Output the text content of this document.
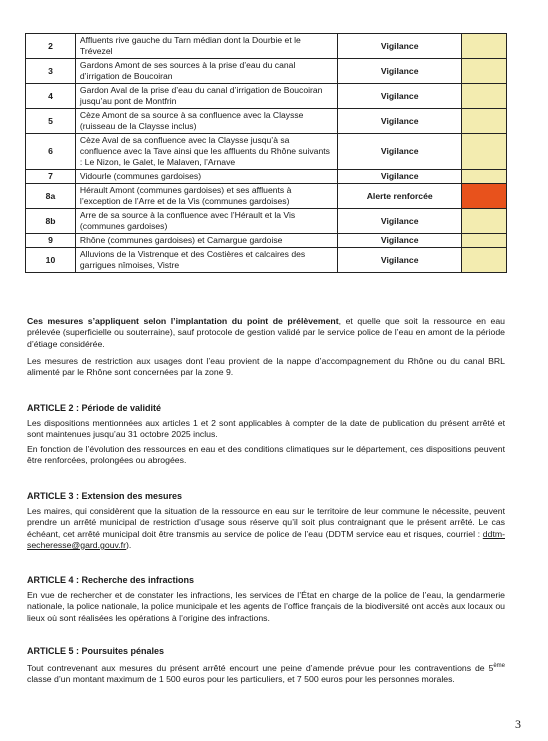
2	Affluents rive gauche du Tarn médian dont la Dourbie et le Trévezel	Vigilance	
3	Gardons Amont de ses sources à la prise d’eau du canal d’irrigation de Boucoiran	Vigilance	
4	Gardon Aval de la prise d’eau du canal d’irrigation de Boucoiran jusqu’au pont de Montfrin	Vigilance	
5	Cèze Amont de sa source à sa confluence avec la Claysse (ruisseau de la Claysse inclus)	Vigilance	
6	Cèze Aval de sa confluence avec la Claysse jusqu’à sa confluence avec la Tave ainsi que les affluents du Rhône suivants : Le Nizon, le Galet, le Malaven, l’Arnave	Vigilance	
7	Vidourle (communes gardoises)	Vigilance	
8a	Hérault Amont (communes gardoises) et ses affluents à l’exception de l’Arre et de la Vis (communes gardoises)	Alerte renforcée	
8b	Arre de sa source à la confluence avec l’Hérault et la Vis (communes gardoises)	Vigilance	
9	Rhône (communes gardoises) et Camargue gardoise	Vigilance	
10	Alluvions de la Vistrenque et des Costières et calcaires des garrigues nîmoises, Vistre	Vigilance	
Ces mesures s’appliquent selon l’implantation du point de prélèvement, et quelle que soit la ressource en eau prélevée (superficielle ou souterraine), sauf protocole de gestion validé par le service police de l’eau en amont de la période d’étiage considérée.
Les mesures de restriction aux usages dont l’eau provient de la nappe d’accompagnement du Rhône ou du canal BRL alimenté par le Rhône sont concernées par la zone 9.
ARTICLE 2 : Période de validité
Les dispositions mentionnées aux articles 1 et 2 sont applicables à compter de la date de publication du présent arrêté et sont maintenues jusqu’au 31 octobre 2025 inclus.
En fonction de l’évolution des ressources en eau et des conditions climatiques sur le département, ces dispositions peuvent être renforcées, prolongées ou abrogées.
ARTICLE 3 : Extension des mesures
Les maires, qui considèrent que la situation de la ressource en eau sur le territoire de leur commune le nécessite, peuvent prendre un arrêté municipal de restriction d’usage sous réserve qu’il soit plus contraignant que le présent arrêté. Le cas échéant, cet arrêté municipal doit être transmis au service de police de l’eau (DDTM service eau et risques, courriel : ddtm-secheresse@gard.gouv.fr).
ARTICLE 4 : Recherche des infractions
En vue de rechercher et de constater les infractions, les services de l’État en charge de la police de l’eau, la gendarmerie nationale, la police nationale, la police municipale et les agents de l’office français de la biodiversité ont accès aux locaux ou lieux où sont réalisées les opérations à l’origine des infractions.
ARTICLE 5 : Poursuites pénales
Tout contrevenant aux mesures du présent arrêté encourt une peine d’amende prévue pour les contraventions de 5ème classe d’un montant maximum de 1 500 euros pour les particuliers, et 7 500 euros pour les personnes morales.
3
